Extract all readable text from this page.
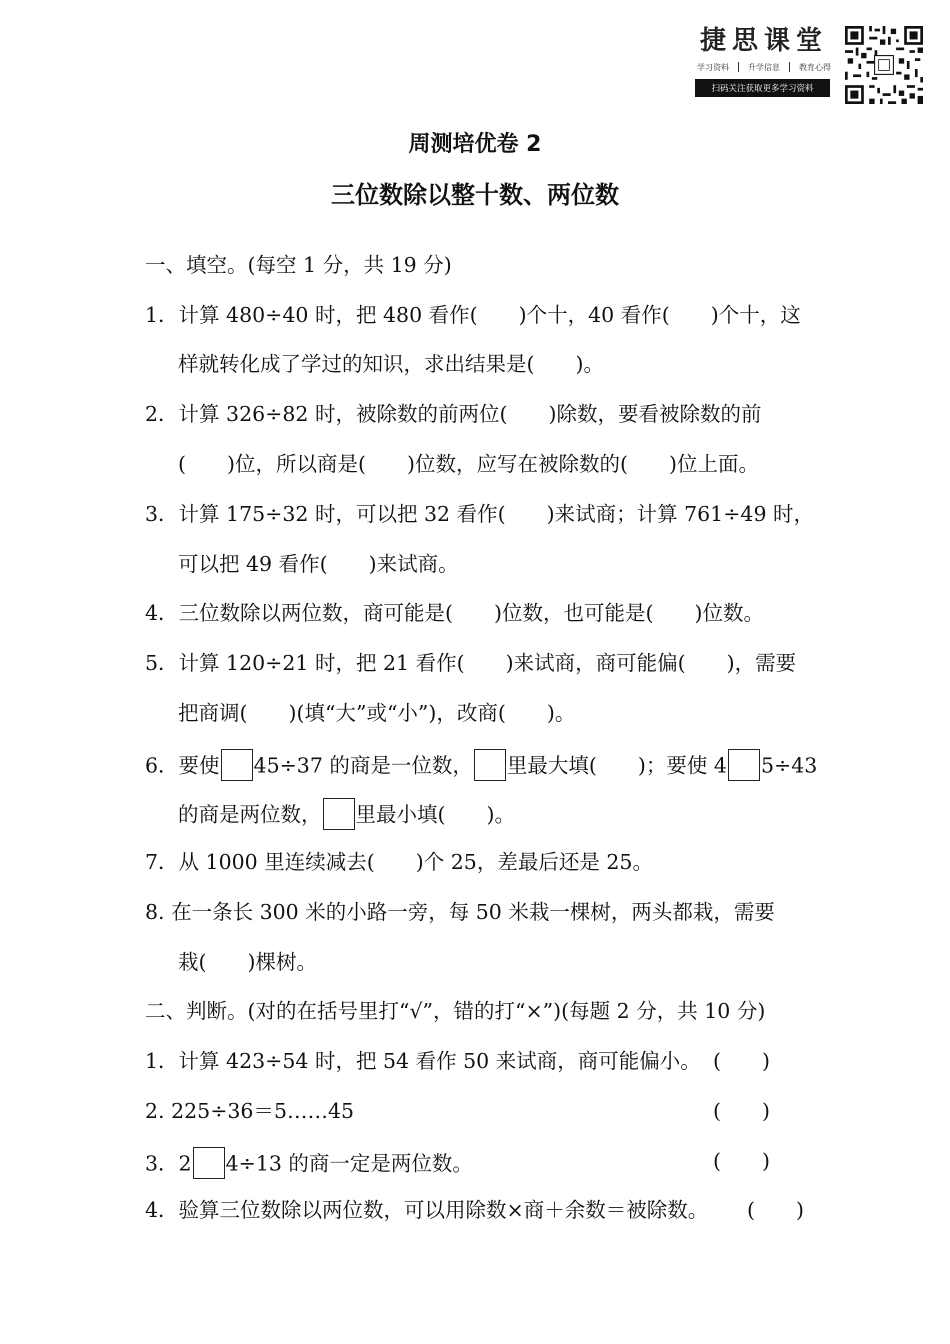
捷思课堂
学习资料 升学信息 教育心得
扫码关注获取更多学习资料
周测培优卷 2
三位数除以整十数、两位数
一、填空。(每空 1 分，共 19 分)
1．计算 480÷40 时，把 480 看作(　　)个十，40 看作(　　)个十，这
样就转化成了学过的知识，求出结果是(　　)。
2．计算 326÷82 时，被除数的前两位(　　)除数，要看被除数的前
(　　)位，所以商是(　　)位数，应写在被除数的(　　)位上面。
3．计算 175÷32 时，可以把 32 看作(　　)来试商；计算 761÷49 时，
可以把 49 看作(　　)来试商。
4．三位数除以两位数，商可能是(　　)位数，也可能是(　　)位数。
5．计算 120÷21 时，把 21 看作(　　)来试商，商可能偏(　　)，需要
把商调(　　)(填“大”或“小”)，改商(　　)。
6．要使 45÷37 的商是一位数， 里最大填(　　)；要使 4 5÷43
的商是两位数， 里最小填(　　)。
7．从 1000 里连续减去(　　)个 25，差最后还是 25。
8. 在一条长 300 米的小路一旁，每 50 米栽一棵树，两头都栽，需要
栽(　　)棵树。
二、判断。(对的在括号里打“√”，错的打“×”)(每题 2 分，共 10 分)
1．计算 423÷54 时，把 54 看作 50 来试商，商可能偏小。 (　　)
2. 225÷36＝5……45	(　　)
3．2 4÷13 的商一定是两位数。	(　　)
4．验算三位数除以两位数，可以用除数×商＋余数＝被除数。 (　　)
